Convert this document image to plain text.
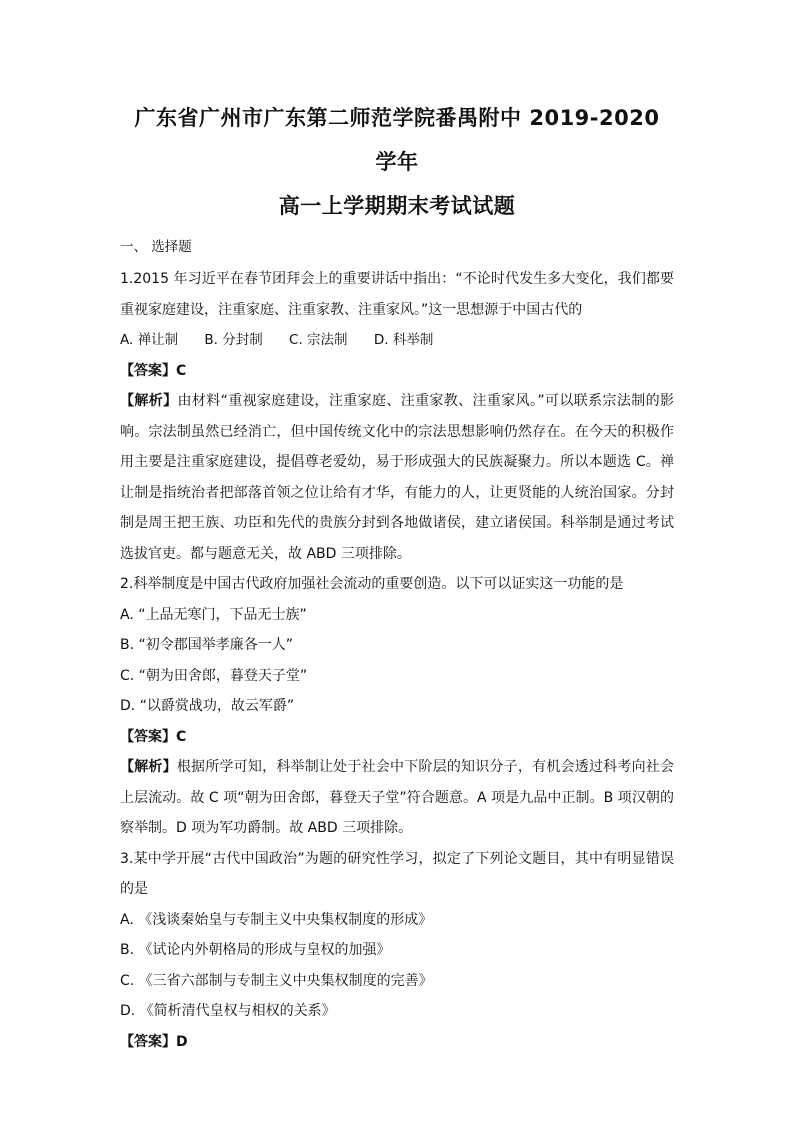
广东省广州市广东第二师范学院番禺附中 2019-2020 学年
高一上学期期末考试试题

一、 选择题

1.2015 年习近平在春节团拜会上的重要讲话中指出：“不论时代发生多大变化，我们都要重视家庭建设，注重家庭、注重家教、注重家风。”这一思想源于中国古代的

A. 禅让制 B. 分封制 C. 宗法制 D. 科举制

【答案】C

【解析】由材料“重视家庭建设，注重家庭、注重家教、注重家风。”可以联系宗法制的影响。宗法制虽然已经消亡，但中国传统文化中的宗法思想影响仍然存在。在今天的积极作用主要是注重家庭建设，提倡尊老爱幼，易于形成强大的民族凝聚力。所以本题选 C。禅让制是指统治者把部落首领之位让给有才华，有能力的人，让更贤能的人统治国家。分封制是周王把王族、功臣和先代的贵族分封到各地做诸侯，建立诸侯国。科举制是通过考试选拔官吏。都与题意无关，故 ABD 三项排除。

2.科举制度是中国古代政府加强社会流动的重要创造。以下可以证实这一功能的是

A. “上品无寒门，下品无士族”

B. “初令郡国举孝廉各一人”

C. “朝为田舍郎，暮登天子堂”

D. “以爵赏战功，故云军爵”

【答案】C

【解析】根据所学可知，科举制让处于社会中下阶层的知识分子，有机会透过科考向社会上层流动。故 C 项“朝为田舍郎，暮登天子堂”符合题意。A 项是九品中正制。B 项汉朝的察举制。D 项为军功爵制。故 ABD 三项排除。

3.某中学开展“古代中国政治”为题的研究性学习，拟定了下列论文题目，其中有明显错误的是

A. 《浅谈秦始皇与专制主义中央集权制度的形成》

B. 《试论内外朝格局的形成与皇权的加强》

C. 《三省六部制与专制主义中央集权制度的完善》

D. 《简析清代皇权与相权的关系》

【答案】D
